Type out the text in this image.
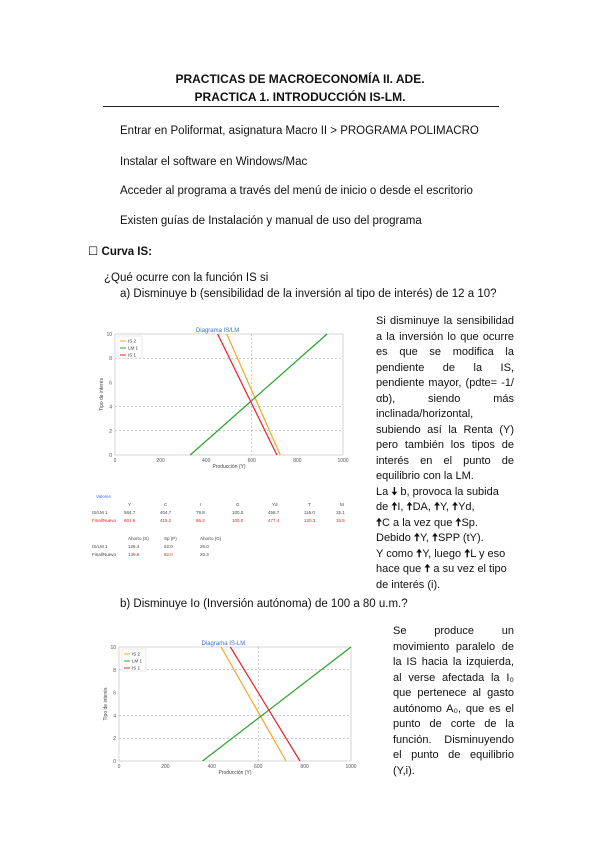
PRACTICAS DE MACROECONOMÍA II. ADE.
PRACTICA 1. INTRODUCCIÓN IS-LM.
Entrar en Poliformat, asignatura Macro II > PROGRAMA POLIMACRO
Instalar el software en Windows/Mac
Acceder al programa a través del menú de inicio o desde el escritorio
Existen guías de Instalación y manual de uso del programa
☐ Curva IS:
¿Qué ocurre con la función IS si
a) Disminuye b (sensibilidad de la inversión al tipo de interés) de 12 a 10?
0	200	400	600	800	1000
0
2
4
6
8
10
IS 2
LM 1
IS 1
Diagrama IS/LM
Producción (Y)
Tipo de interés
Valores
Y	C	I	G	Yd	T	M
IS/LM 1	584.7	404.7	79.8	100.0	456.7	116.0	15.1
Final/Nuevo 601.6	415.2	86.3	100.0	477.4	120.3	15.5
Ahorro (S)	Sp (P)	Ahorro (G)
IS/LM 1	126.4	52.0	26.0
Final/Nuevo	139.6	62.0	20.3
Si disminuye la sensibilidad a la inversión lo que ocurre es que se modifica la pendiente de la IS, pendiente mayor, (pdte= -1/αb), siendo más inclinada/horizontal, subiendo así la Renta (Y) pero también los tipos de interés en el punto de equilibrio con la LM.
La 🠇 b, provoca la subida
de 🠅I, 🠅DA, 🠅Y, 🠅Yd,
🠅C a la vez que 🠅Sp.
Debido 🠅Y, 🠅SPP (tY).
Y como 🠅Y, luego 🠅L y eso
hace que 🠅 a su vez el tipo
de interés (i).
b) Disminuye Io (Inversión autónoma) de 100 a 80 u.m.?
0	200	400	600	800	1000
0
2
4
6
8
10
IS 2
LM 1
IS 1
Diagrama IS-LM
Producción (Y)
Tipo de interés
Se produce un movimiento paralelo de la IS hacia la izquierda, al verse afectada la I₀ que pertenece al gasto autónomo A₀, que es el punto de corte de la función. Disminuyendo el punto de equilibrio (Y,i).
